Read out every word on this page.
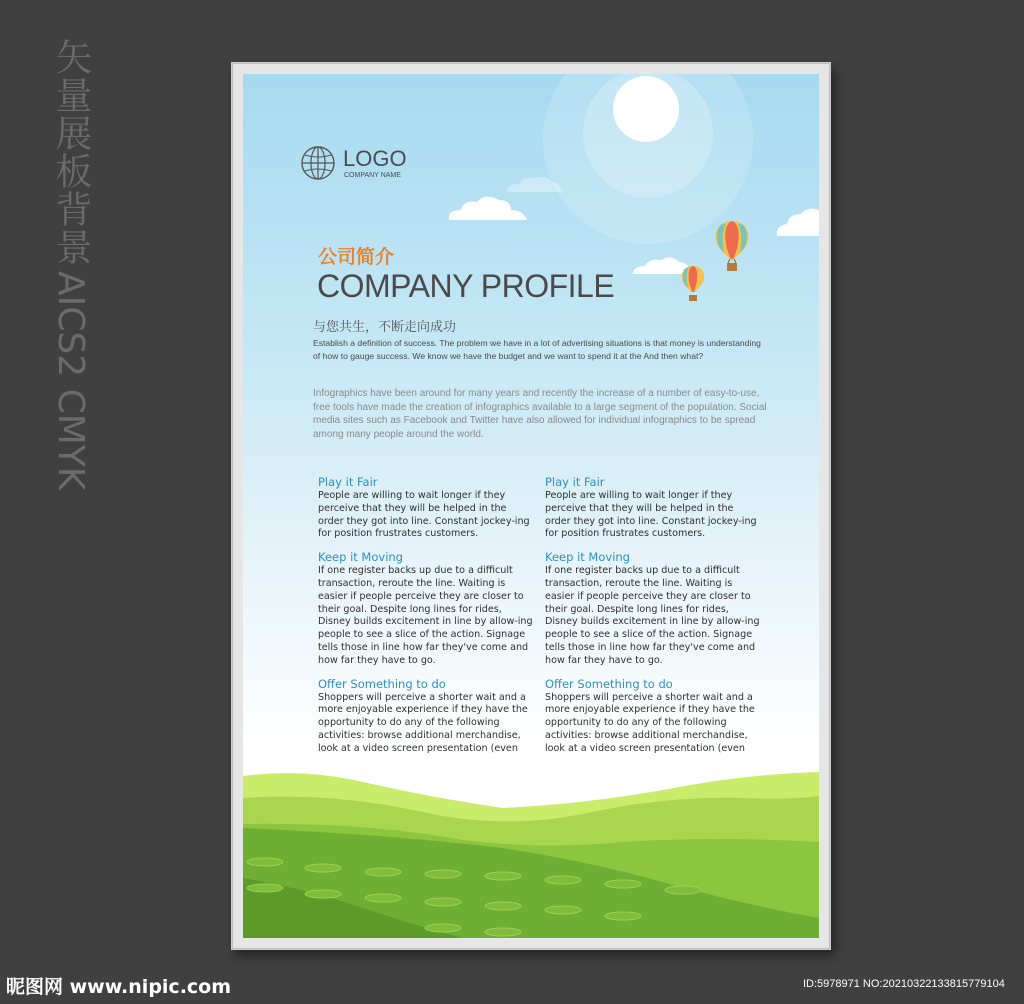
矢量展板背景 AICS2 CMYK
LOGO
COMPANY NAME
公司简介
COMPANY PROFILE
与您共生，不断走向成功
Establish a definition of success. The problem we have in a lot of advertising situations is that money is understanding of how to gauge success. We know we have the budget and we want to spend it at the And then what?
Infographics have been around for many years and recently the increase of a number of easy-to-use, free tools have made the creation of infographics available to a large segment of the population. Social media sites such as Facebook and Twitter have also allowed for individual infographics to be spread among many people around the world.
Play it Fair

People are willing to wait longer if they perceive that they will be helped in the order they got into line. Constant jockey-ing for position frustrates customers.

Keep it Moving

If one register backs up due to a difficult transaction, reroute the line. Waiting is easier if people perceive they are closer to their goal. Despite long lines for rides, Disney builds excitement in line by allow-ing people to see a slice of the action. Signage tells those in line how far they've come and how far they have to go.

Offer Something to do

Shoppers will perceive a shorter wait and a more enjoyable experience if they have the opportunity to do any of the following activities: browse additional merchandise, look at a video screen presentation (even

Play it Fair

People are willing to wait longer if they perceive that they will be helped in the order they got into line. Constant jockey-ing for position frustrates customers.

Keep it Moving

If one register backs up due to a difficult transaction, reroute the line. Waiting is easier if people perceive they are closer to their goal. Despite long lines for rides, Disney builds excitement in line by allow-ing people to see a slice of the action. Signage tells those in line how far they've come and how far they have to go.

Offer Something to do

Shoppers will perceive a shorter wait and a more enjoyable experience if they have the opportunity to do any of the following activities: browse additional merchandise, look at a video screen presentation (even

昵图网 www.nipic.com	ID:5978971 NO:20210322133815779104
